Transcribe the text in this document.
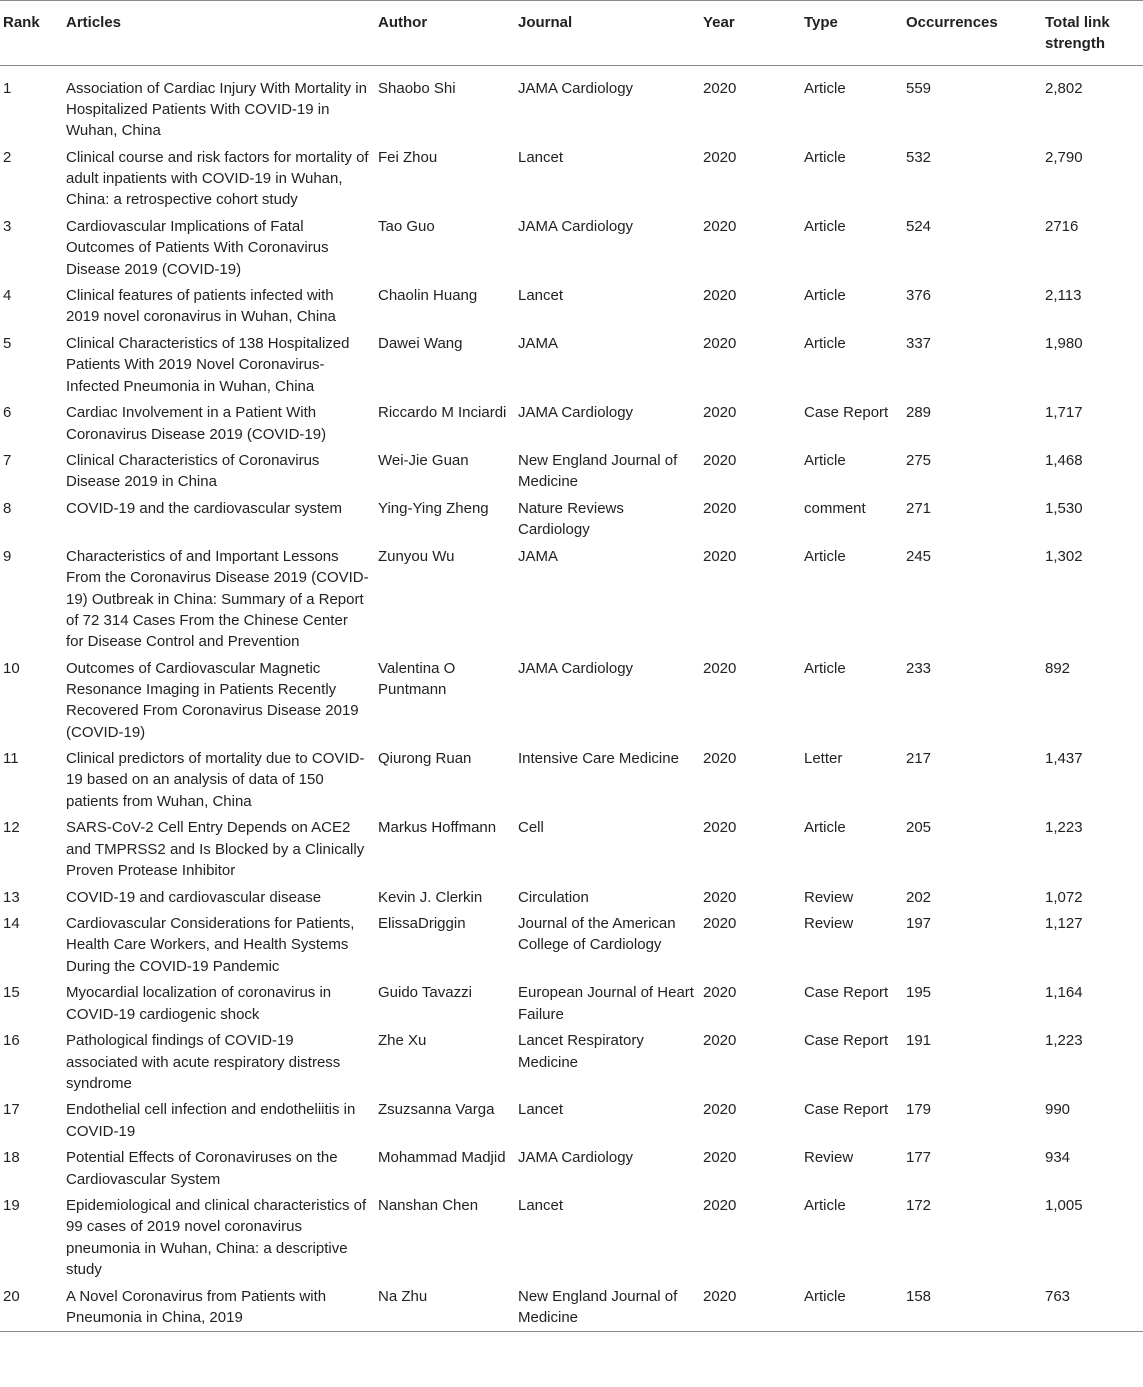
Rank	Articles	Author	Journal	Year	Type	Occurrences	Total link strength
1	Association of Cardiac Injury With Mortality in Hospitalized Patients With COVID-19 in Wuhan, China	Shaobo Shi	JAMA Cardiology	2020	Article	559	2,802
2	Clinical course and risk factors for mortality of adult inpatients with COVID-19 in Wuhan, China: a retrospective cohort study	Fei Zhou	Lancet	2020	Article	532	2,790
3	Cardiovascular Implications of Fatal Outcomes of Patients With Coronavirus Disease 2019 (COVID-19)	Tao Guo	JAMA Cardiology	2020	Article	524	2716
4	Clinical features of patients infected with 2019 novel coronavirus in Wuhan, China	Chaolin Huang	Lancet	2020	Article	376	2,113
5	Clinical Characteristics of 138 Hospitalized Patients With 2019 Novel Coronavirus-Infected Pneumonia in Wuhan, China	Dawei Wang	JAMA	2020	Article	337	1,980
6	Cardiac Involvement in a Patient With Coronavirus Disease 2019 (COVID-19)	Riccardo M Inciardi	JAMA Cardiology	2020	Case Report	289	1,717
7	Clinical Characteristics of Coronavirus Disease 2019 in China	Wei-Jie Guan	New England Journal of Medicine	2020	Article	275	1,468
8	COVID-19 and the cardiovascular system	Ying-Ying Zheng	Nature Reviews Cardiology	2020	comment	271	1,530
9	Characteristics of and Important Lessons From the Coronavirus Disease 2019 (COVID-19) Outbreak in China: Summary of a Report of 72 314 Cases From the Chinese Center for Disease Control and Prevention	Zunyou Wu	JAMA	2020	Article	245	1,302
10	Outcomes of Cardiovascular Magnetic Resonance Imaging in Patients Recently Recovered From Coronavirus Disease 2019 (COVID-19)	Valentina O Puntmann	JAMA Cardiology	2020	Article	233	892
11	Clinical predictors of mortality due to COVID-19 based on an analysis of data of 150 patients from Wuhan, China	Qiurong Ruan	Intensive Care Medicine	2020	Letter	217	1,437
12	SARS-CoV-2 Cell Entry Depends on ACE2 and TMPRSS2 and Is Blocked by a Clinically Proven Protease Inhibitor	Markus Hoffmann	Cell	2020	Article	205	1,223
13	COVID-19 and cardiovascular disease	Kevin J. Clerkin	Circulation	2020	Review	202	1,072
14	Cardiovascular Considerations for Patients, Health Care Workers, and Health Systems During the COVID-19 Pandemic	ElissaDriggin	Journal of the American College of Cardiology	2020	Review	197	1,127
15	Myocardial localization of coronavirus in COVID-19 cardiogenic shock	Guido Tavazzi	European Journal of Heart Failure	2020	Case Report	195	1,164
16	Pathological findings of COVID-19 associated with acute respiratory distress syndrome	Zhe Xu	Lancet Respiratory Medicine	2020	Case Report	191	1,223
17	Endothelial cell infection and endotheliitis in COVID-19	Zsuzsanna Varga	Lancet	2020	Case Report	179	990
18	Potential Effects of Coronaviruses on the Cardiovascular System	Mohammad Madjid	JAMA Cardiology	2020	Review	177	934
19	Epidemiological and clinical characteristics of 99 cases of 2019 novel coronavirus pneumonia in Wuhan, China: a descriptive study	Nanshan Chen	Lancet	2020	Article	172	1,005
20	A Novel Coronavirus from Patients with Pneumonia in China, 2019	Na Zhu	New England Journal of Medicine	2020	Article	158	763
